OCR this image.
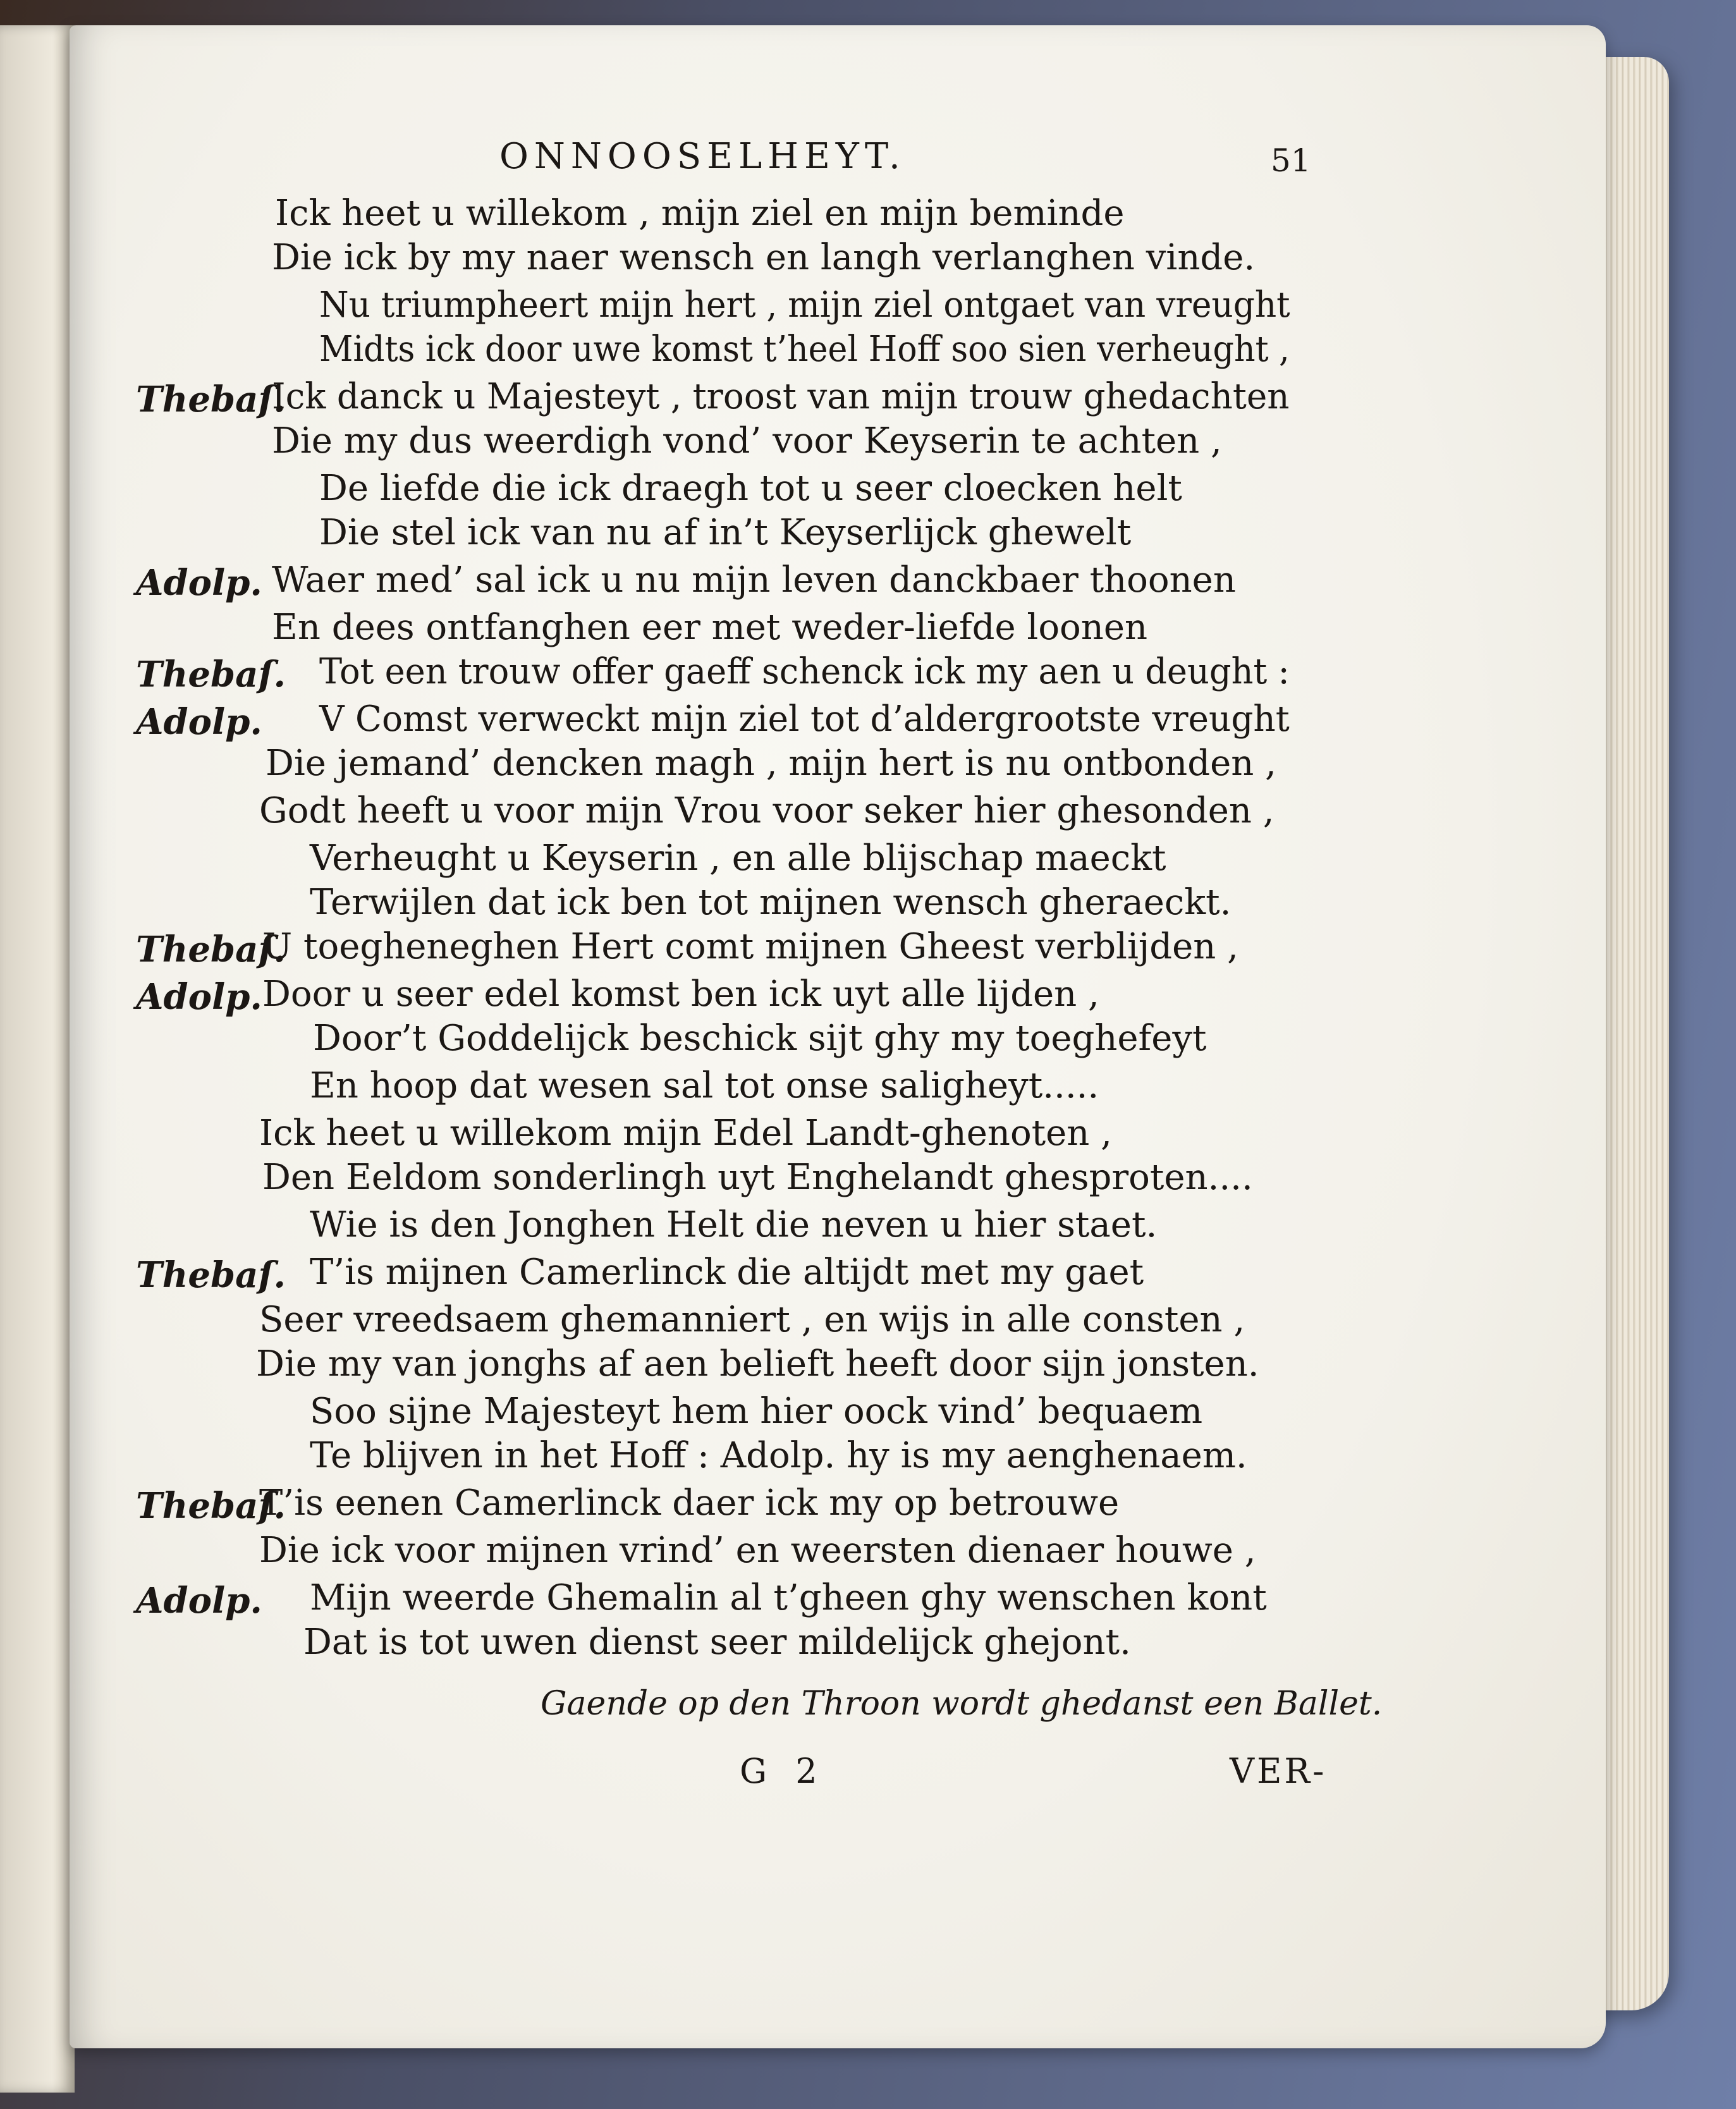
ONNOOSELHEYT.	51
Ick heet u willekom , mijn ziel en mijn beminde
Die ick by my naer wensch en langh verlanghen vinde.
Nu triumpheert mijn hert , mijn ziel ontgaet van vreught
Midts ick door uwe komst t’heel Hoff soo sien verheught ,
Thebaſ.
Ick danck u Majesteyt , troost van mijn trouw ghedachten
Die my dus weerdigh vond’ voor Keyserin te achten ,
De liefde die ick draegh tot u seer cloecken helt
Die stel ick van nu af in’t Keyserlijck ghewelt
Adolp. Waer med’ sal ick u nu mijn leven danckbaer thoonen
En dees ontfanghen eer met weder-liefde loonen
Thebaſ. Tot een trouw offer gaeff schenck ick my aen u deught :
Adolp. V Comst verweckt mijn ziel tot d’aldergrootste vreught
Die jemand’ dencken magh , mijn hert is nu ontbonden ,
Godt heeft u voor mijn Vrou voor seker hier ghesonden ,
Verheught u Keyserin , en alle blijschap maeckt
Terwijlen dat ick ben tot mijnen wensch gheraeckt.
Thebaſ.
U toegheneghen Hert comt mijnen Gheest verblijden ,
Adolp. Door u seer edel komst ben ick uyt alle lijden ,
Door’t Goddelijck beschick sijt ghy my toeghefeyt
En hoop dat wesen sal tot onse saligheyt.....
Ick heet u willekom mijn Edel Landt-ghenoten ,
Den Eeldom sonderlingh uyt Enghelandt ghesproten....
Wie is den Jonghen Helt die neven u hier staet.
Thebaſ. T’is mijnen Camerlinck die altijdt met my gaet
Seer vreedsaem ghemanniert , en wijs in alle consten ,
Die my van jonghs af aen belieft heeft door sijn jonsten.
Soo sijne Majesteyt hem hier oock vind’ bequaem
Te blijven in het Hoff : Adolp. hy is my aenghenaem.
Thebaſ.
T’is eenen Camerlinck daer ick my op betrouwe
Die ick voor mijnen vrind’ en weersten dienaer houwe ,
Adolp. Mijn weerde Ghemalin al t’gheen ghy wenschen kont
Dat is tot uwen dienst seer mildelijck ghejont.
Gaende op den Throon wordt ghedanst een Ballet.
G 2	VER-
